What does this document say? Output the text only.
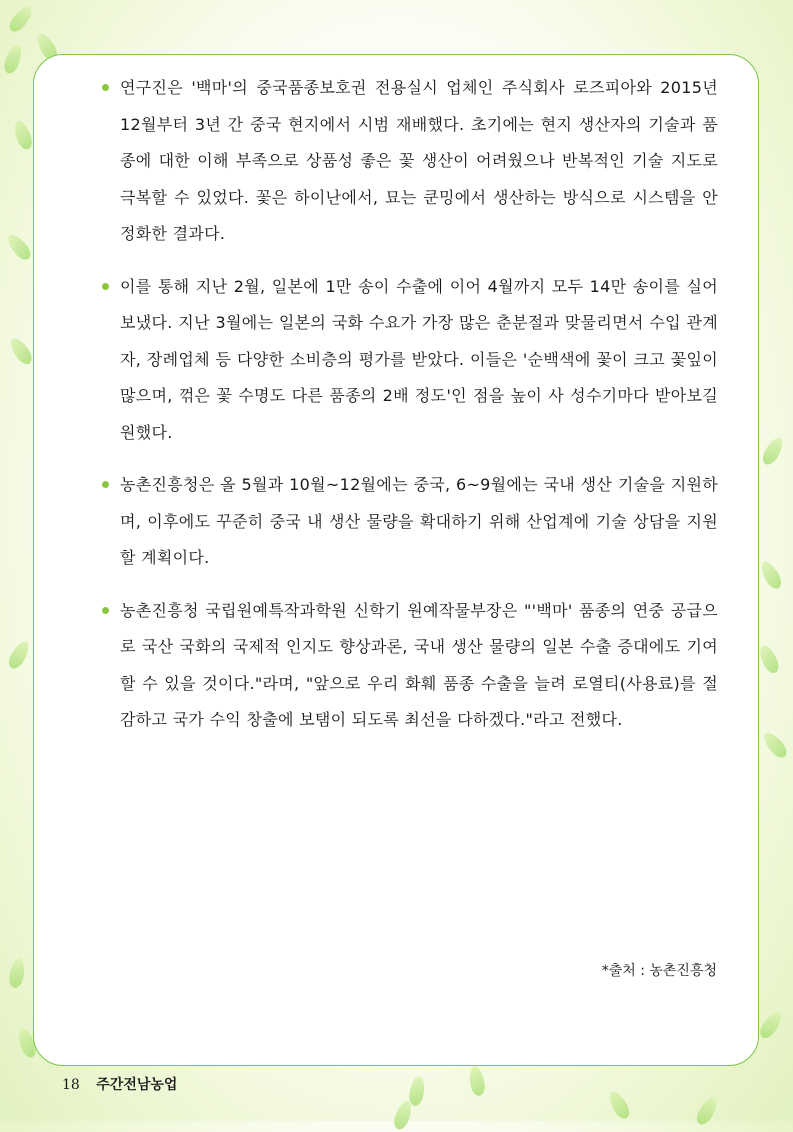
연구진은 '백마'의 중국품종보호권 전용실시 업체인 주식회사 로즈피아와 2015년 12월부터 3년 간 중국 현지에서 시범 재배했다. 초기에는 현지 생산자의 기술과 품종에 대한 이해 부족으로 상품성 좋은 꽃 생산이 어려웠으나 반복적인 기술 지도로 극복할 수 있었다. 꽃은 하이난에서, 묘는 쿤밍에서 생산하는 방식으로 시스템을 안정화한 결과다.

이를 통해 지난 2월, 일본에 1만 송이 수출에 이어 4월까지 모두 14만 송이를 실어 보냈다. 지난 3월에는 일본의 국화 수요가 가장 많은 춘분절과 맞물리면서 수입 관계자, 장례업체 등 다양한 소비층의 평가를 받았다. 이들은 '순백색에 꽃이 크고 꽃잎이 많으며, 꺾은 꽃 수명도 다른 품종의 2배 정도'인 점을 높이 사 성수기마다 받아보길 원했다.

농촌진흥청은 올 5월과 10월~12월에는 중국, 6~9월에는 국내 생산 기술을 지원하며, 이후에도 꾸준히 중국 내 생산 물량을 확대하기 위해 산업계에 기술 상담을 지원할 계획이다.

농촌진흥청 국립원예특작과학원 신학기 원예작물부장은 "'백마' 품종의 연중 공급으로 국산 국화의 국제적 인지도 향상과론, 국내 생산 물량의 일본 수출 증대에도 기여할 수 있을 것이다."라며, "앞으로 우리 화훼 품종 수출을 늘려 로열티(사용료)를 절감하고 국가 수익 창출에 보탬이 되도록 최선을 다하겠다."라고 전했다.

*출처 : 농촌진흥청
18 주간전남농업
